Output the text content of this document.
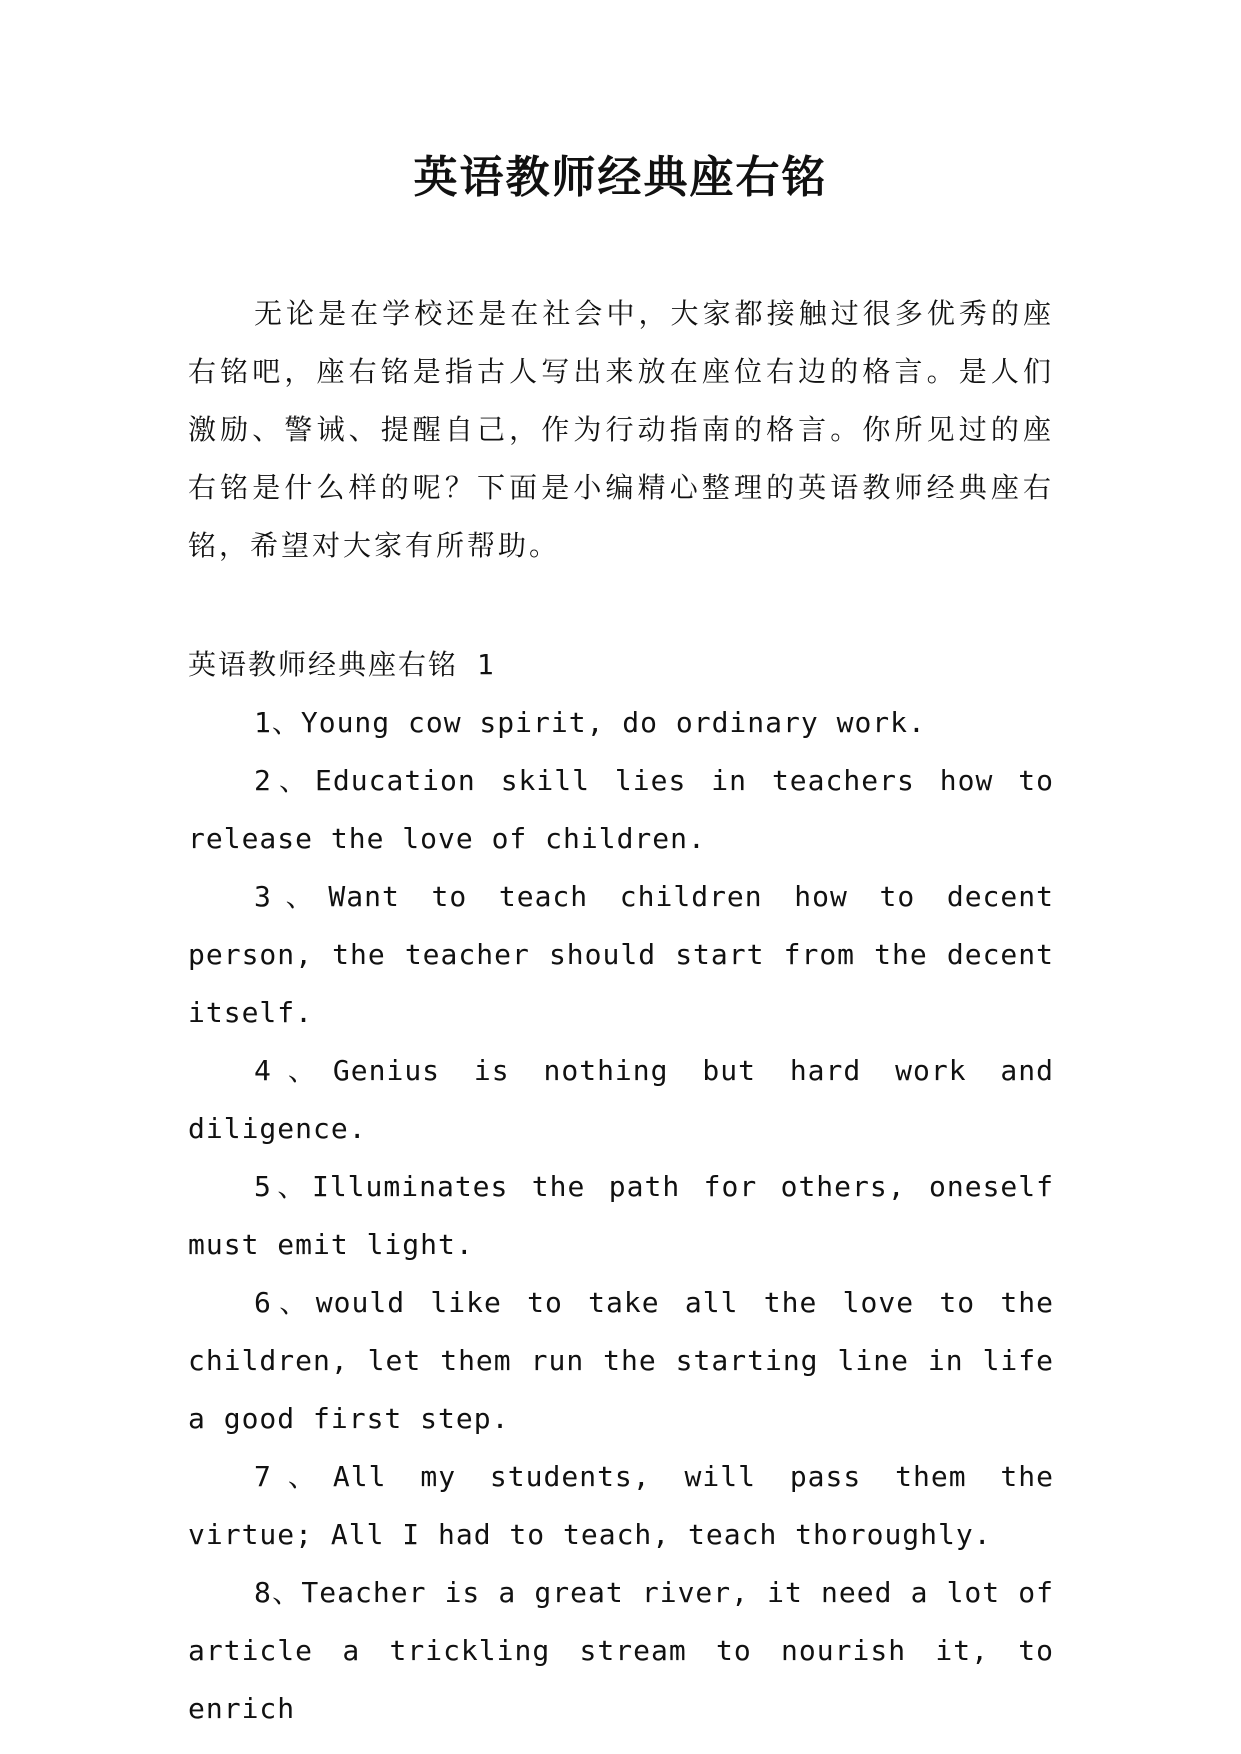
英语教师经典座右铭

无论是在学校还是在社会中，大家都接触过很多优秀的座右铭吧，座右铭是指古人写出来放在座位右边的格言。是人们激励、警诫、提醒自己，作为行动指南的格言。你所见过的座右铭是什么样的呢？下面是小编精心整理的英语教师经典座右铭，希望对大家有所帮助。

英语教师经典座右铭 1

1、Young cow spirit, do ordinary work.
2、Education skill lies in teachers how to release the love of children.
3、Want to teach children how to decent person, the teacher should start from the decent itself.
4、Genius is nothing but hard work and diligence.
5、Illuminates the path for others, oneself must emit light.
6、would like to take all the love to the children, let them run the starting line in life a good first step.
7、All my students, will pass them the virtue; All I had to teach, teach thoroughly.
8、Teacher is a great river, it need a lot of article a trickling stream to nourish it, to enrich
